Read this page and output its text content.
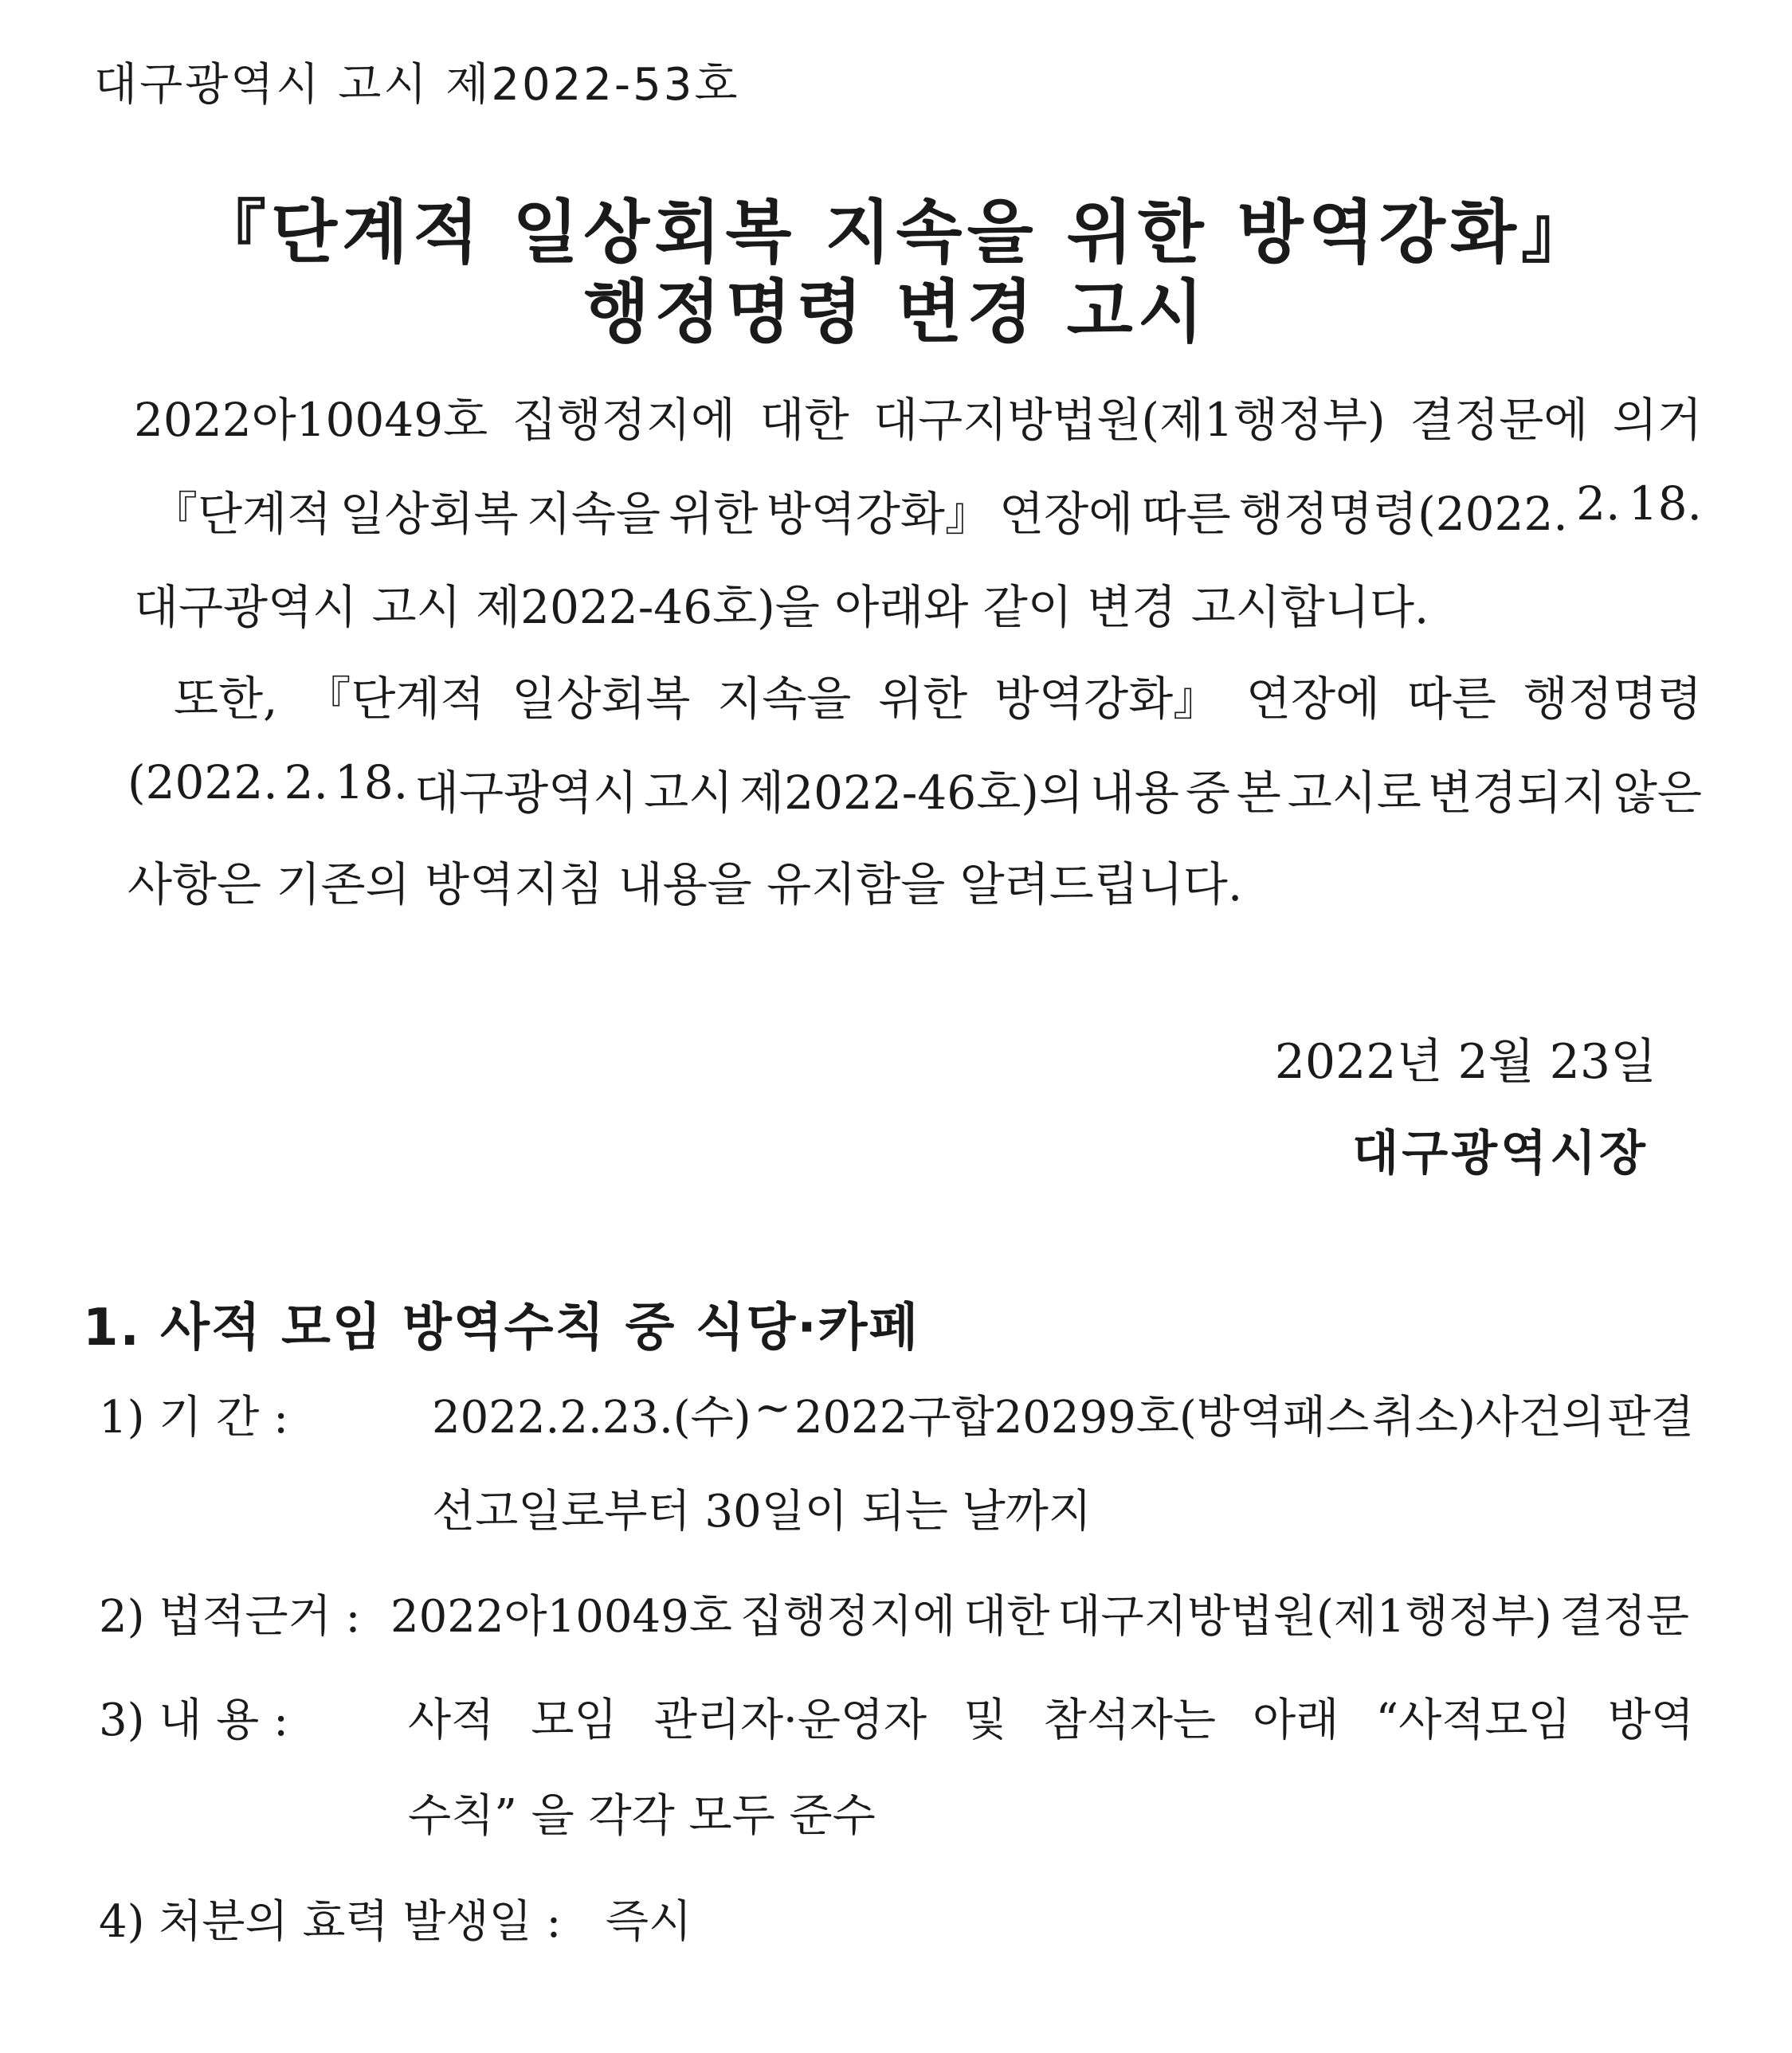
대구광역시 고시 제2022-53호
『단계적 일상회복 지속을 위한 방역강화』
행정명령 변경 고시
2022아10049호 집행정지에 대한 대구지방법원(제1행정부) 결정문에 의거
『단계적 일상회복 지속을 위한 방역강화』 연장에 따른 행정명령(2022. 2. 18.
대구광역시 고시 제2022-46호)을 아래와 같이 변경 고시합니다.
또한, 『단계적 일상회복 지속을 위한 방역강화』 연장에 따른 행정명령
(2022. 2. 18. 대구광역시 고시 제2022-46호)의 내용 중 본 고시로 변경되지 않은
사항은 기존의 방역지침 내용을 유지함을 알려드립니다.
2022년 2월 23일
대구광역시장
1. 사적 모임 방역수칙 중 식당·카페
1) 기 간 :	2022.2.23.(수) ~ 2022구합20299호(방역패스 취소)사건의 판결
선고일로부터 30일이 되는 날까지
2) 법적근거 : 2022아10049호 집행정지에 대한 대구지방법원(제1행정부) 결정문
3) 내 용 :	사적 모임 관리자·운영자 및 참석자는 아래 “사적모임 방역
수칙” 을 각각 모두 준수
4) 처분의 효력 발생일 : 즉시
